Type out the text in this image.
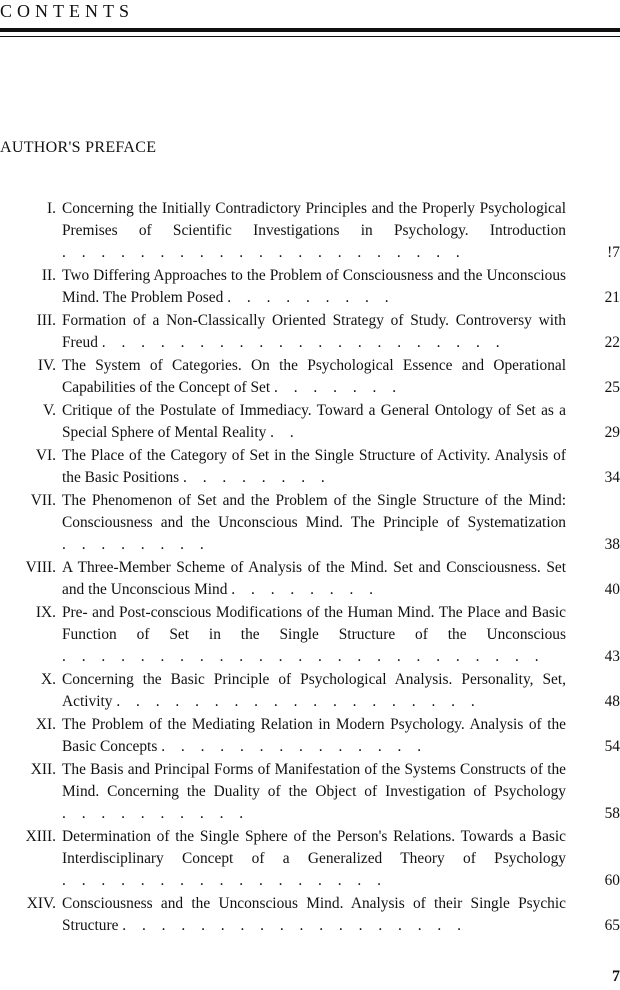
CONTENTS
AUTHOR'S PREFACE
I. Concerning the Initially Contradictory Principles and the Properly Psychological Premises of Scientific Investigations in Psychology. Introduction . . . . . . . . . . . . . . . . . . . . .	!7
II. Two Differing Approaches to the Problem of Consciousness and the Unconscious Mind. The Problem Posed . . . . . . . . .	21
III. Formation of a Non-Classically Oriented Strategy of Study. Controversy with Freud . . . . . . . . . . . . . . . . . . . . .	22
IV. The System of Categories. On the Psychological Essence and Operational Capabilities of the Concept of Set . . . . . . .	25
V. Critique of the Postulate of Immediacy. Toward a General Ontology of Set as a Special Sphere of Mental Reality . .	29
VI. The Place of the Category of Set in the Single Structure of Activity. Analysis of the Basic Positions . . . . . . . .	34
VII. The Phenomenon of Set and the Problem of the Single Structure of the Mind: Consciousness and the Unconscious Mind. The Principle of Systematization . . . . . . . .	38
VIII. A Three-Member Scheme of Analysis of the Mind. Set and Consciousness. Set and the Unconscious Mind . . . . . . . .	40
IX. Pre- and Post-conscious Modifications of the Human Mind. The Place and Basic Function of Set in the Single Structure of the Unconscious . . . . . . . . . . . . . . . . . . . . . . . . .	43
X. Concerning the Basic Principle of Psychological Analysis. Personality, Set, Activity . . . . . . . . . . . . . . . . . . .	48
XI. The Problem of the Mediating Relation in Modern Psychology. Analysis of the Basic Concepts . . . . . . . . . . . . . .	54
XII. The Basis and Principal Forms of Manifestation of the Systems Constructs of the Mind. Concerning the Duality of the Object of Investigation of Psychology . . . . . . . . . .	58
XIII. Determination of the Single Sphere of the Person's Relations. Towards a Basic Interdisciplinary Concept of a Generalized Theory of Psychology . . . . . . . . . . . . . . . . .	60
XIV. Consciousness and the Unconscious Mind. Analysis of their Single Psychic Structure . . . . . . . . . . . . . . . . . .	65
7
